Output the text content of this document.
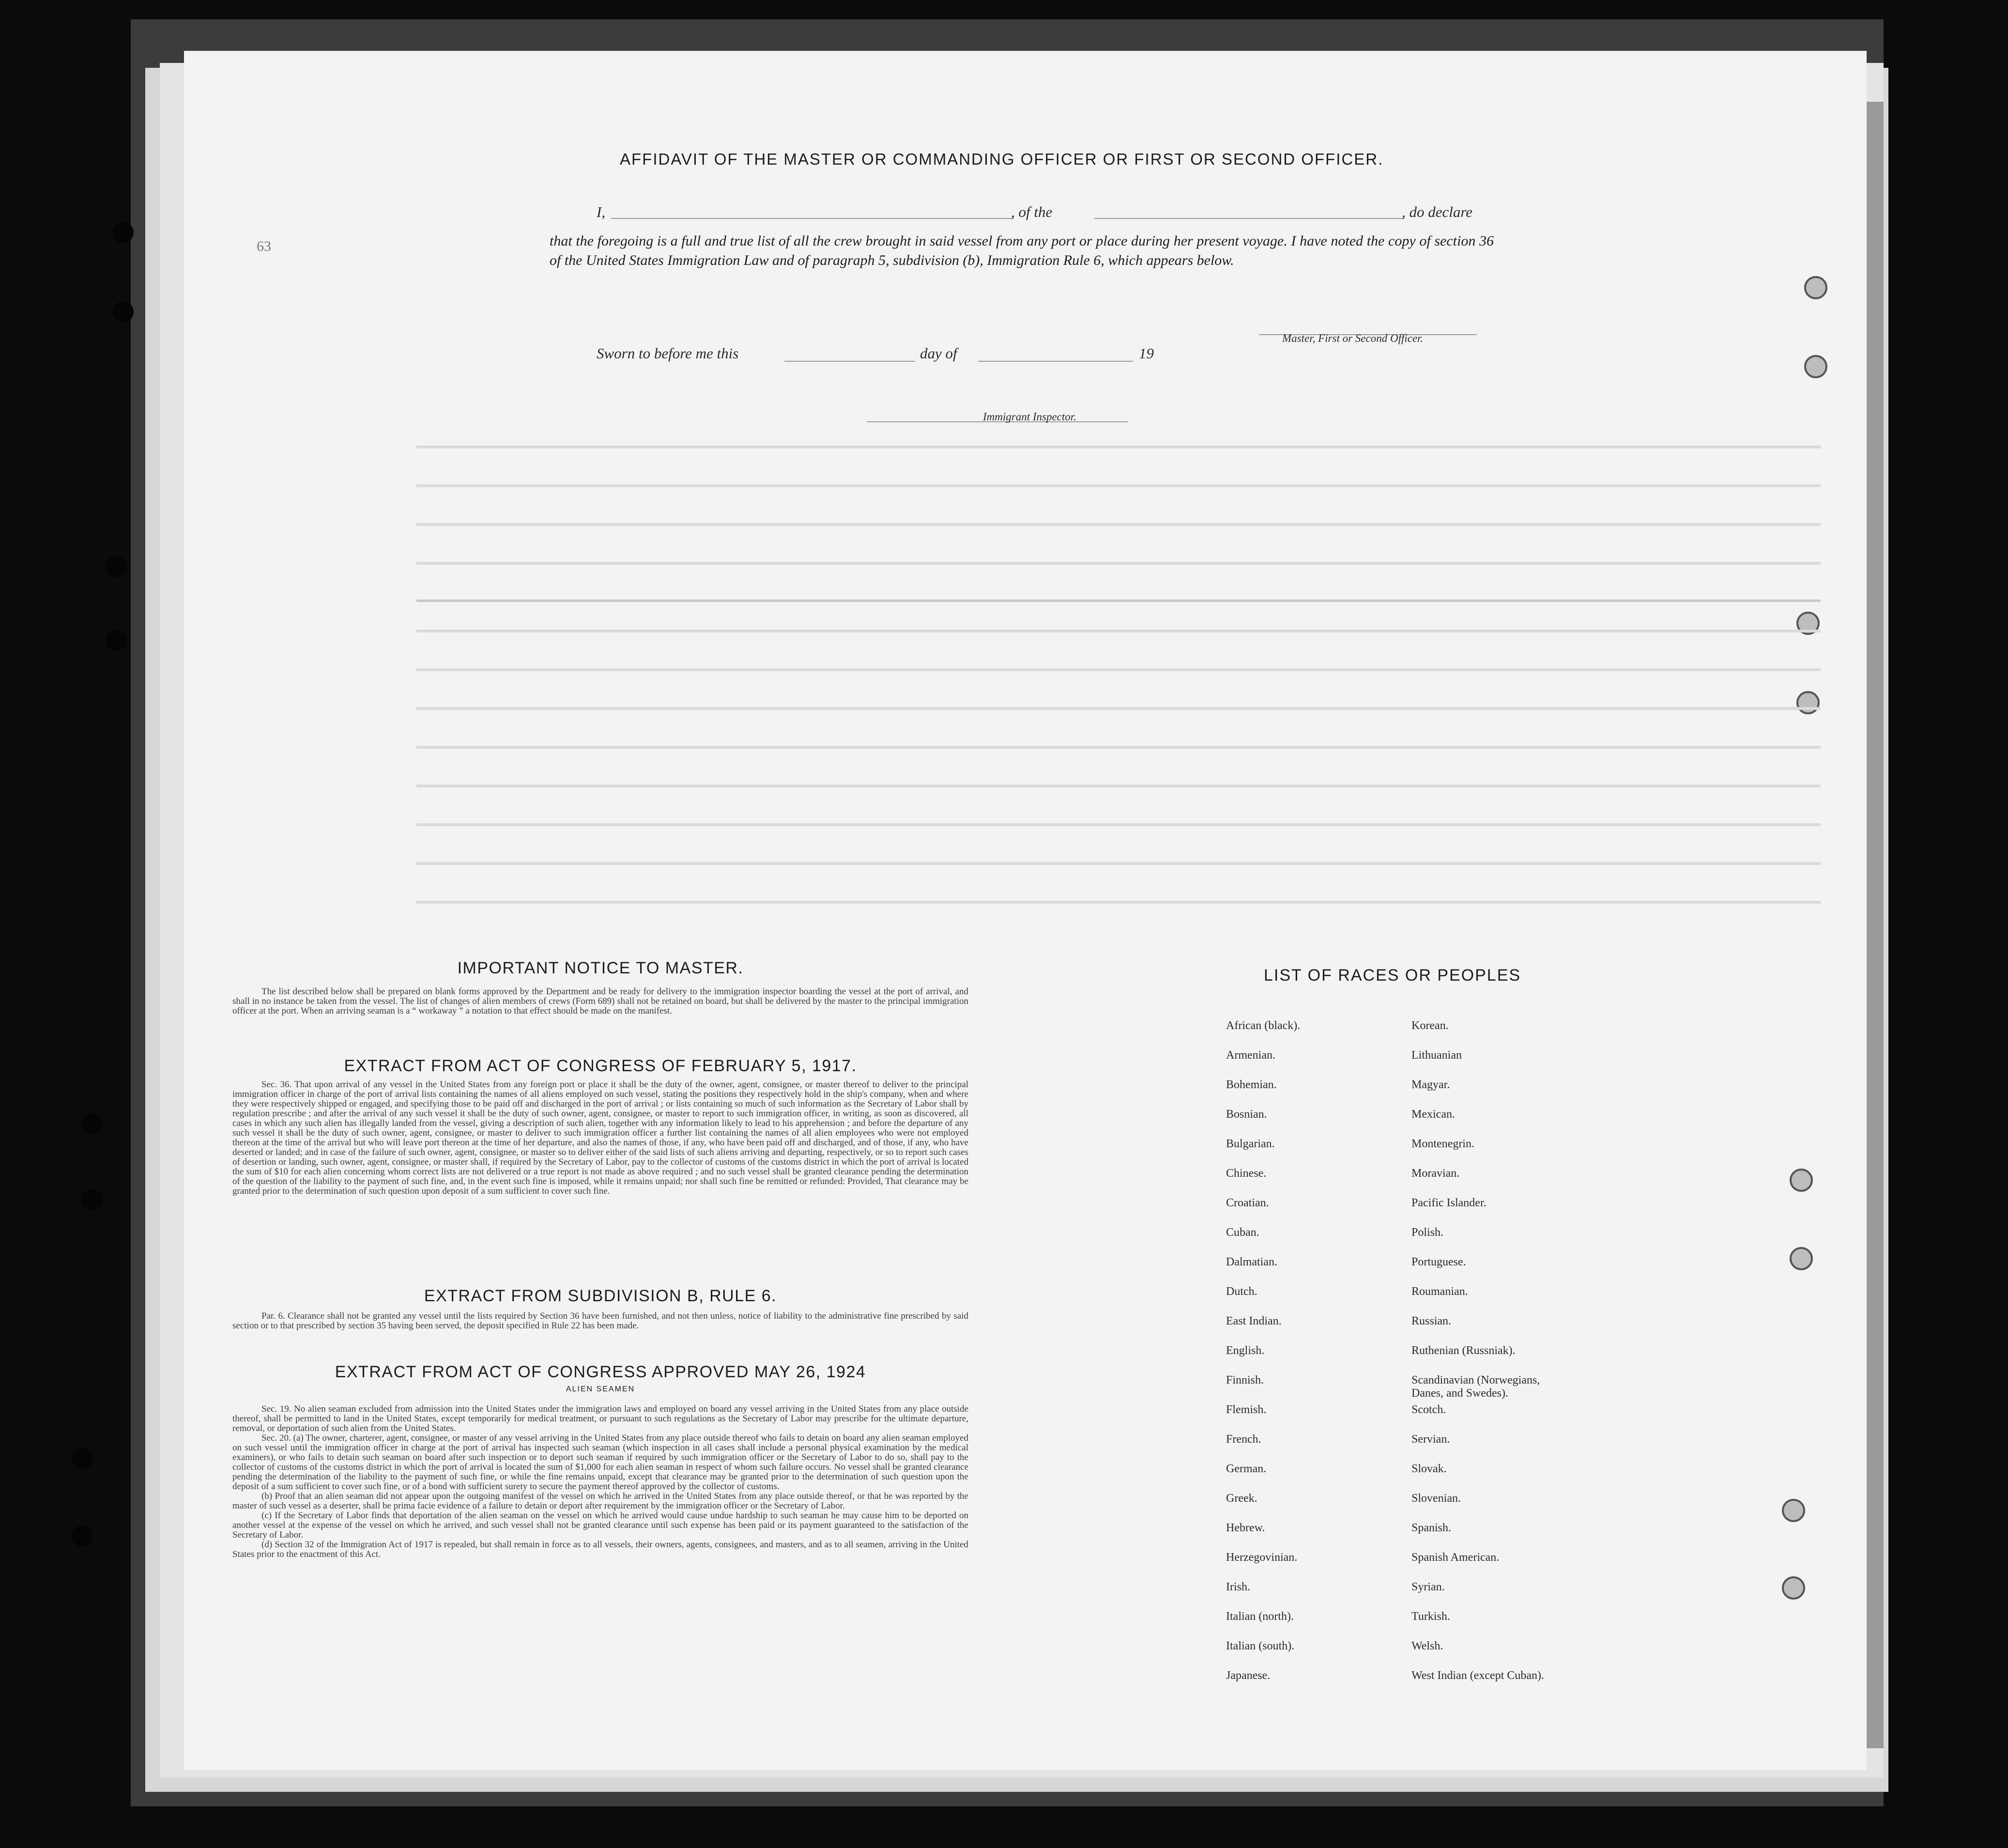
63
AFFIDAVIT OF THE MASTER OR COMMANDING OFFICER OR FIRST OR SECOND OFFICER.
I,	, of the	, do declare
that the foregoing is a full and true list of all the crew brought in said vessel from any port or place during her present voyage. I have noted the copy of section 36 of the United States Immigration Law and of paragraph 5, subdivision (b), Immigration Rule 6, which appears below.
Master, First or Second Officer.
Sworn to before me this	day of	19
Immigrant Inspector.
IMPORTANT NOTICE TO MASTER.

The list described below shall be prepared on blank forms approved by the Department and be ready for delivery to the immigration inspector boarding the vessel at the port of arrival, and shall in no instance be taken from the vessel. The list of changes of alien members of crews (Form 689) shall not be retained on board, but shall be delivered by the master to the principal immigration officer at the port. When an arriving seaman is a “ workaway ” a notation to that effect should be made on the manifest.

EXTRACT FROM ACT OF CONGRESS OF FEBRUARY 5, 1917.

Sec. 36. That upon arrival of any vessel in the United States from any foreign port or place it shall be the duty of the owner, agent, consignee, or master thereof to deliver to the principal immigration officer in charge of the port of arrival lists containing the names of all aliens employed on such vessel, stating the positions they respectively hold in the ship's company, when and where they were respectively shipped or engaged, and specifying those to be paid off and discharged in the port of arrival ; or lists containing so much of such information as the Secretary of Labor shall by regulation prescribe ; and after the arrival of any such vessel it shall be the duty of such owner, agent, consignee, or master to report to such immigration officer, in writing, as soon as discovered, all cases in which any such alien has illegally landed from the vessel, giving a description of such alien, together with any information likely to lead to his apprehension ; and before the departure of any such vessel it shall be the duty of such owner, agent, consignee, or master to deliver to such immigration officer a further list containing the names of all alien employees who were not employed thereon at the time of the arrival but who will leave port thereon at the time of her departure, and also the names of those, if any, who have been paid off and discharged, and of those, if any, who have deserted or landed; and in case of the failure of such owner, agent, consignee, or master so to deliver either of the said lists of such aliens arriving and departing, respectively, or so to report such cases of desertion or landing, such owner, agent, consignee, or master shall, if required by the Secretary of Labor, pay to the collector of customs of the customs district in which the port of arrival is located the sum of $10 for each alien concerning whom correct lists are not delivered or a true report is not made as above required ; and no such vessel shall be granted clearance pending the determination of the question of the liability to the payment of such fine, and, in the event such fine is imposed, while it remains unpaid; nor shall such fine be remitted or refunded: Provided, That clearance may be granted prior to the determination of such question upon deposit of a sum sufficient to cover such fine.

EXTRACT FROM SUBDIVISION B, RULE 6.

Par. 6. Clearance shall not be granted any vessel until the lists required by Section 36 have been furnished, and not then unless, notice of liability to the administrative fine prescribed by said section or to that prescribed by section 35 having been served, the deposit specified in Rule 22 has been made.

EXTRACT FROM ACT OF CONGRESS APPROVED MAY 26, 1924
ALIEN SEAMEN

Sec. 19. No alien seaman excluded from admission into the United States under the immigration laws and employed on board any vessel arriving in the United States from any place outside thereof, shall be permitted to land in the United States, except temporarily for medical treatment, or pursuant to such regulations as the Secretary of Labor may prescribe for the ultimate departure, removal, or deportation of such alien from the United States.

Sec. 20. (a) The owner, charterer, agent, consignee, or master of any vessel arriving in the United States from any place outside thereof who fails to detain on board any alien seaman employed on such vessel until the immigration officer in charge at the port of arrival has inspected such seaman (which inspection in all cases shall include a personal physical examination by the medical examiners), or who fails to detain such seaman on board after such inspection or to deport such seaman if required by such immigration officer or the Secretary of Labor to do so, shall pay to the collector of customs of the customs district in which the port of arrival is located the sum of $1,000 for each alien seaman in respect of whom such failure occurs. No vessel shall be granted clearance pending the determination of the liability to the payment of such fine, or while the fine remains unpaid, except that clearance may be granted prior to the determination of such question upon the deposit of a sum sufficient to cover such fine, or of a bond with sufficient surety to secure the payment thereof approved by the collector of customs.

(b) Proof that an alien seaman did not appear upon the outgoing manifest of the vessel on which he arrived in the United States from any place outside thereof, or that he was reported by the master of such vessel as a deserter, shall be prima facie evidence of a failure to detain or deport after requirement by the immigration officer or the Secretary of Labor.

(c) If the Secretary of Labor finds that deportation of the alien seaman on the vessel on which he arrived would cause undue hardship to such seaman he may cause him to be deported on another vessel at the expense of the vessel on which he arrived, and such vessel shall not be granted clearance until such expense has been paid or its payment guaranteed to the satisfaction of the Secretary of Labor.

(d) Section 32 of the Immigration Act of 1917 is repealed, but shall remain in force as to all vessels, their owners, agents, consignees, and masters, and as to all seamen, arriving in the United States prior to the enactment of this Act.

LIST OF RACES OR PEOPLES
African (black).
Armenian.
Bohemian.
Bosnian.
Bulgarian.
Chinese.
Croatian.
Cuban.
Dalmatian.
Dutch.
East Indian.
English.
Finnish.
Flemish.
French.
German.
Greek.
Hebrew.
Herzegovinian.
Irish.
Italian (north).
Italian (south).
Japanese.
Korean.
Lithuanian
Magyar.
Mexican.
Montenegrin.
Moravian.
Pacific Islander.
Polish.
Portuguese.
Roumanian.
Russian.
Ruthenian (Russniak).
Scandinavian (Norwegians,
Danes, and Swedes).
Scotch.
Servian.
Slovak.
Slovenian.
Spanish.
Spanish American.
Syrian.
Turkish.
Welsh.
West Indian (except Cuban).
